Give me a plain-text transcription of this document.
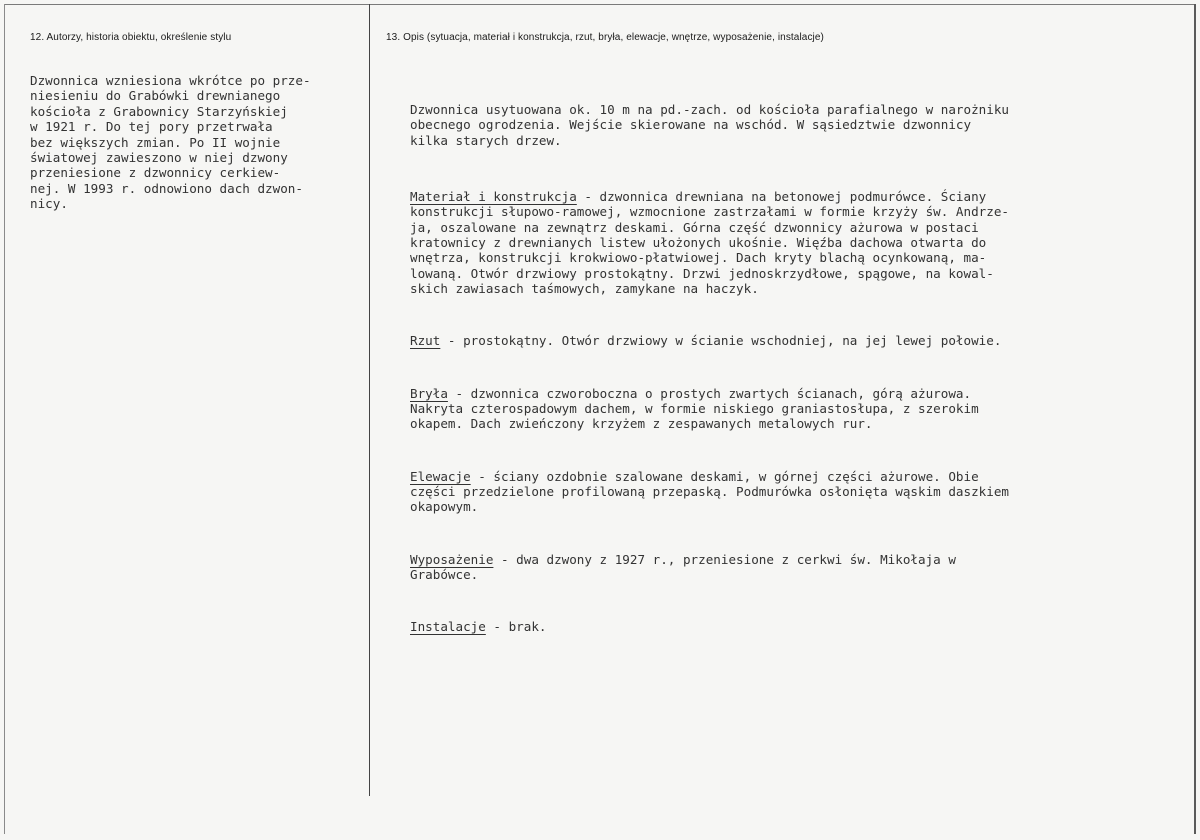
12. Autorzy, historia obiektu, określenie stylu	13. Opis (sytuacja, materiał i konstrukcja, rzut, bryła, elewacje, wnętrze, wyposażenie, instalacje)
Dzwonnica wzniesiona wkrótce po prze-
niesieniu do Grabówki drewnianego
kościoła z Grabownicy Starzyńskiej
w 1921 r. Do tej pory przetrwała
bez większych zmian. Po II wojnie
światowej zawieszono w niej dzwony
przeniesione z dzwonnicy cerkiew-
nej. W 1993 r. odnowiono dach dzwon-
nicy.

Dzwonnica usytuowana ok. 10 m na pd.-zach. od kościoła parafialnego w narożniku
obecnego ogrodzenia. Wejście skierowane na wschód. W sąsiedztwie dzwonnicy
kilka starych drzew.

Materiał i konstrukcja - dzwonnica drewniana na betonowej podmurówce. Ściany
konstrukcji słupowo-ramowej, wzmocnione zastrzałami w formie krzyży św. Andrze-
ja, oszalowane na zewnątrz deskami. Górna część dzwonnicy ażurowa w postaci
kratownicy z drewnianych listew ułożonych ukośnie. Więźba dachowa otwarta do
wnętrza, konstrukcji krokwiowo-płatwiowej. Dach kryty blachą ocynkowaną, ma-
lowaną. Otwór drzwiowy prostokątny. Drzwi jednoskrzydłowe, spągowe, na kowal-
skich zawiasach taśmowych, zamykane na haczyk.

Rzut - prostokątny. Otwór drzwiowy w ścianie wschodniej, na jej lewej połowie.

Bryła - dzwonnica czworoboczna o prostych zwartych ścianach, górą ażurowa.
Nakryta czterospadowym dachem, w formie niskiego graniastosłupa, z szerokim
okapem. Dach zwieńczony krzyżem z zespawanych metalowych rur.

Elewacje - ściany ozdobnie szalowane deskami, w górnej części ażurowe. Obie
części przedzielone profilowaną przepaską. Podmurówka osłonięta wąskim daszkiem
okapowym.

Wyposażenie - dwa dzwony z 1927 r., przeniesione z cerkwi św. Mikołaja w
Grabówce.

Instalacje - brak.
